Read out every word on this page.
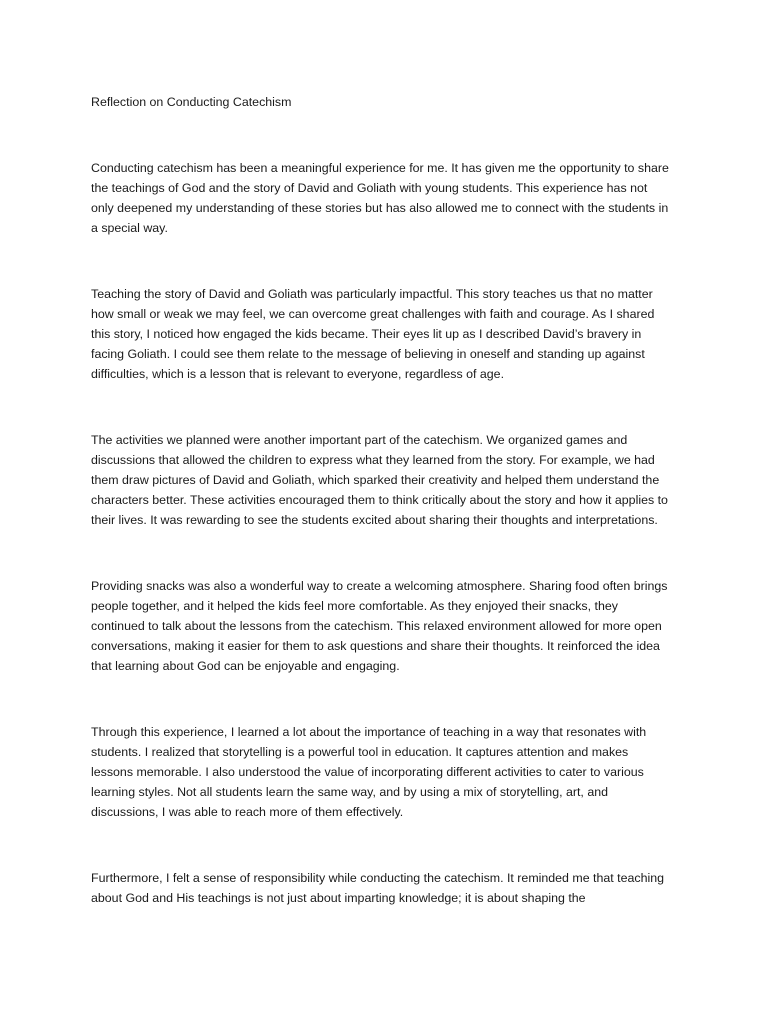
Reflection on Conducting Catechism

Conducting catechism has been a meaningful experience for me. It has given me the opportunity to share the teachings of God and the story of David and Goliath with young students. This experience has not only deepened my understanding of these stories but has also allowed me to connect with the students in a special way.

Teaching the story of David and Goliath was particularly impactful. This story teaches us that no matter how small or weak we may feel, we can overcome great challenges with faith and courage. As I shared this story, I noticed how engaged the kids became. Their eyes lit up as I described David’s bravery in facing Goliath. I could see them relate to the message of believing in oneself and standing up against difficulties, which is a lesson that is relevant to everyone, regardless of age.

The activities we planned were another important part of the catechism. We organized games and discussions that allowed the children to express what they learned from the story. For example, we had them draw pictures of David and Goliath, which sparked their creativity and helped them understand the characters better. These activities encouraged them to think critically about the story and how it applies to their lives. It was rewarding to see the students excited about sharing their thoughts and interpretations.

Providing snacks was also a wonderful way to create a welcoming atmosphere. Sharing food often brings people together, and it helped the kids feel more comfortable. As they enjoyed their snacks, they continued to talk about the lessons from the catechism. This relaxed environment allowed for more open conversations, making it easier for them to ask questions and share their thoughts. It reinforced the idea that learning about God can be enjoyable and engaging.

Through this experience, I learned a lot about the importance of teaching in a way that resonates with students. I realized that storytelling is a powerful tool in education. It captures attention and makes lessons memorable. I also understood the value of incorporating different activities to cater to various learning styles. Not all students learn the same way, and by using a mix of storytelling, art, and discussions, I was able to reach more of them effectively.

Furthermore, I felt a sense of responsibility while conducting the catechism. It reminded me that teaching about God and His teachings is not just about imparting knowledge; it is about shaping the
